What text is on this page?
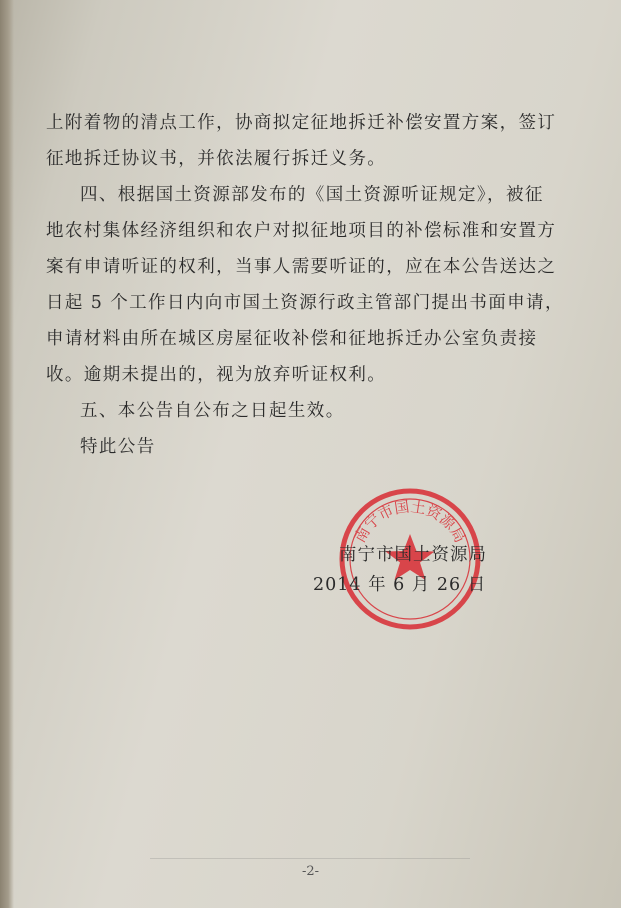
上附着物的清点工作，协商拟定征地拆迁补偿安置方案，签订
征地拆迁协议书，并依法履行拆迁义务。
四、根据国土资源部发布的《国土资源听证规定》，被征
地农村集体经济组织和农户对拟征地项目的补偿标准和安置方
案有申请听证的权利，当事人需要听证的，应在本公告送达之
日起 5 个工作日内向市国土资源行政主管部门提出书面申请，
申请材料由所在城区房屋征收补偿和征地拆迁办公室负责接
收。逾期未提出的，视为放弃听证权利。
五、本公告自公布之日起生效。
特此公告
南宁市国土资源局
南宁市国土资源局
2014 年 6 月 26 日
-2-
